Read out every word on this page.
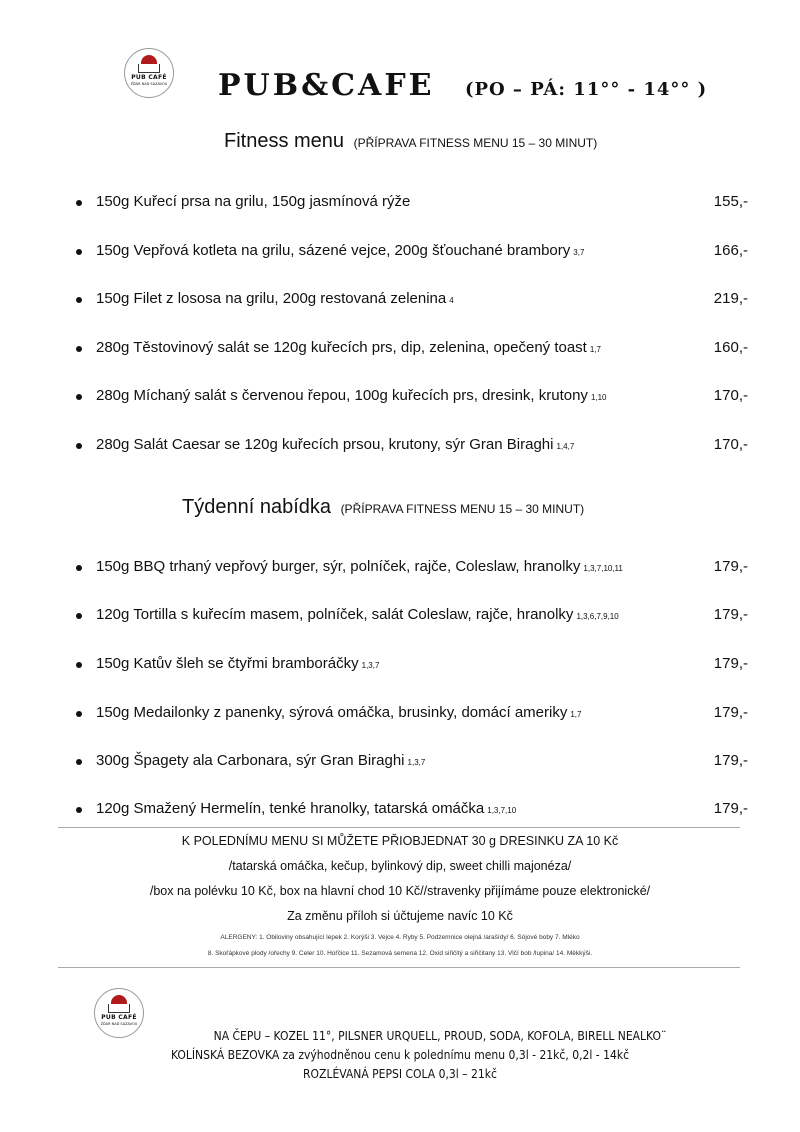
PUB CAFÉ
ŽĎÁR NAD SÁZAVOU PUB&CAFE (PO – PÁ: 11°° - 14°° )
Fitness menu (PŘÍPRAVA FITNESS MENU 15 – 30 MINUT)
150g Kuřecí prsa na grilu, 150g jasmínová rýže	155,-
150g Vepřová kotleta na grilu, sázené vejce, 200g šťouchané brambory 3,7	166,-
150g Filet z lososa na grilu, 200g restovaná zelenina 4	219,-
280g Těstovinový salát se 120g kuřecích prs, dip, zelenina, opečený toast 1,7	160,-
280g Míchaný salát s červenou řepou, 100g kuřecích prs, dresink, krutony 1,10	170,-
280g Salát Caesar se 120g kuřecích prsou, krutony, sýr Gran Biraghi 1,4,7	170,-
Týdenní nabídka (PŘÍPRAVA FITNESS MENU 15 – 30 MINUT)
150g BBQ trhaný vepřový burger, sýr, polníček, rajče, Coleslaw, hranolky 1,3,7,10,11	179,-
120g Tortilla s kuřecím masem, polníček, salát Coleslaw, rajče, hranolky 1,3,6,7,9,10	179,-
150g Katův šleh se čtyřmi bramboráčky 1,3,7	179,-
150g Medailonky z panenky, sýrová omáčka, brusinky, domácí ameriky 1,7	179,-
300g Špagety ala Carbonara, sýr Gran Biraghi 1,3,7	179,-
120g Smažený Hermelín, tenké hranolky, tatarská omáčka 1,3,7,10	179,-
K POLEDNÍMU MENU SI MŮŽETE PŘIOBJEDNAT 30 g DRESINKU ZA 10 Kč
/tatarská omáčka, kečup, bylinkový dip, sweet chilli majonéza/
/box na polévku 10 Kč, box na hlavní chod 10 Kč//stravenky přijímáme pouze elektronické/
Za změnu příloh si účtujeme navíc 10 Kč
ALERGENY: 1. Obiloviny obsahující lepek 2. Korýši 3. Vejce 4. Ryby 5. Podzemnice olejná /arašídy/ 6. Sójové boby 7. Mléko
8. Skořápkové plody /ořechy 9. Celer 10. Hořčice 11. Sezamová semena 12. Oxid siřičitý a siřičitany 13. Vlčí bob /lupina/ 14. Měkkýši.
PUB CAFÉ
ŽĎÁR NAD SÁZAVOU
NA ČEPU – KOZEL 11°, PILSNER URQUELL, PROUD, SODA, KOFOLA, BIRELL NEALKO¨
KOLÍNSKÁ BEZOVKA za zvýhodněnou cenu k polednímu menu 0,3l - 21kč, 0,2l - 14kč
ROZLÉVANÁ PEPSI COLA 0,3l – 21kč
